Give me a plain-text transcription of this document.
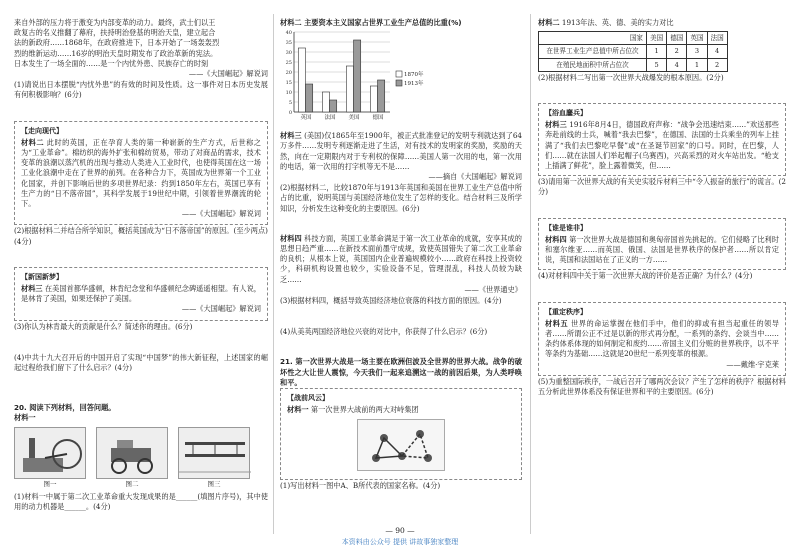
来自外部的压力将于激变为内部变革的动力。最终，武士们以王

政复古的名义推翻了幕府，扶持明治登基的明治天皇，建立起合

法的新政府……1868年，在政府推进下，日本开始了一场轰轰烈

烈的维新运动……16岁的明治天皇时期发布了政治革新的宪法。

日本发生了一场全面的……是一个内忧外患、民族存亡的时刻

——《大国崛起》解说词

(1)请说出日本摆脱“内忧外患”的有效的时间及性质。这一事件对日本历史发展有何积极影响？(6分)

【走向现代】

材料二 此时的英国，正在孕育人类的第一种崭新的生产方式，后世称之为“工业革命”。棉纺织的海外扩张和棉纺贸易，带动了对商品的需求，技术变革的浪潮以蒸汽机的出现与推动人类进入工业时代，也使得英国在这一场工业化浪潮中走在了世界的前列。在各种合力下，英国成为世界第一个工业化国家，并创下影响后世的多项世界纪录：约到1850年左右，英国已享有生产力的“日不落帝国”，其科学发展于19世纪中期，引领着世界潮流的轮下。

——《大国崛起》解说词

(2)根据材料二并结合所学知识，概括英国成为“日不落帝国”的原因。(至少两点)(4分)

【新国新梦】

材料三 在美国首都华盛顿，林肯纪念堂和华盛顿纪念碑遥遥相望。有人说，是林肯了美国，如果还保护了美国。

——《大国崛起》解说词

(3)你认为林肯最大的贡献是什么？简述你的理由。(6分)

(4)中共十九大召开后的中国开启了实现“中国梦”的伟大新征程，上述国家的崛起过程给我们留下了什么启示？(4分)

20. 阅读下列材料，回答问题。

材料一

图一	图二	图三

(1)材料一中属于第二次工业革命重大发现成果的是______(填图片序号)，其中使用的动力机器是______。(4分)

材料二 主要资本主义国家占世界工业生产总值的比重(%)

0
5
10
15
20
25
30
35
40
英国 法国 美国 德国
1870年
1913年

材料三 (美国)仅1865年至1900年，被正式批准登记的发明专利就达到了64万多件……发明专利逐渐走进了生活，对有技术的发明家的奖励，奖励的天然，向在一定期限内对于专利权的保障……美国人第一次用的电，第一次用的电话，第一次用的打字机等无不是……

——摘自《大国崛起》解说词

(2)根据材料二，比较1870年与1913年英国和美国在世界工业生产总值中所占的比重，说明英国与美国经济地位发生了怎样的变化。结合材料三及所学知识，分析发生这种变化的主要原因。(6分)

材料四 科技方面，英国工业革命满足于第一次工业革命的成就，安享其成的思想日趋严重……在新技术面前墨守成规，致使英国错失了第二次工业革命的良机；从根本上说，英国国内企业普遍规模较小……政府在科技上投资较少，科研机构设置也较少，实验设备不足，管理混乱，科技人员较为缺乏……

——《世界通史》

(3)根据材料四，概括导致英国经济地位衰落的科技方面的原因。(4分)

(4)从美英两国经济地位兴衰的对比中，你获得了什么启示？(6分)

21. 第一次世界大战是一场主要在欧洲但波及全世界的世界大战。战争的破坏性之大让世人震惊，今天我们一起来追溯这一战的前因后果，为人类呼唤和平。

【战前风云】

材料一 第一次世界大战前的两大对峙集团

(1)写出材料一图中A、B所代表的国家名称。(4分)

材料二 1913年法、英、德、美的实力对比

国家	美国	德国	英国	法国
在世界工业生产总值中所占位次	1	2	3	4
在殖民地面积中所占位次	5	4	1	2

(2)根据材料二写出第一次世界大战爆发的根本原因。(2分)

【浴血鏖兵】

材料三 1916年8月4日，德国政府声称：“战争会迅速结束……”欢送那些奔赴前线的士兵，喊着“我去巴黎”，在德国、法国的士兵乘坐的列车上挂满了“我们去巴黎吃早餐”或“在圣诞节回家”的口号。同时，在巴黎，人们……就在法国人们举起帽子(乌赛西)，兴高采烈的对火车站出发。“枪支上插满了鲜花”，脸上露着微笑，但……

(3)请用第一次世界大战的有关史实驳斥材料三中“令人振奋的旅行”的谎言。(2分)

【谁是谁非】

材料四 第一次世界大战是德国和奥匈帝国首先挑起的。它们侵略了比利时和塞尔维亚……而英国、俄国、法国是世界秩序的保护者……所以肯定说，英国和法国站在了正义的一方……

(4)对材料四中关于第一次世界大战的评价是否正确？为什么？(4分)

【重定秩序】

材料五 世界的命运掌握在他们手中，他们的抑或有担当起重任的领导者……所谓公正不过是以新的形式再分配，一系列的条约、会谈当中……条约体系体现的如何制定和废约……帝国主义们分赃的世界秩序，以不平等条约为基础……这就是20世纪一系列变革的根源。

——戴维·宇克莱

(5)为重整国际秩序，一战后召开了哪两次会议？产生了怎样的秩序？根据材料五分析此世界体系没有保证世界和平的主要原因。(6分)

— 90 —
本资料由公众号 提供 讲故事独家整理
